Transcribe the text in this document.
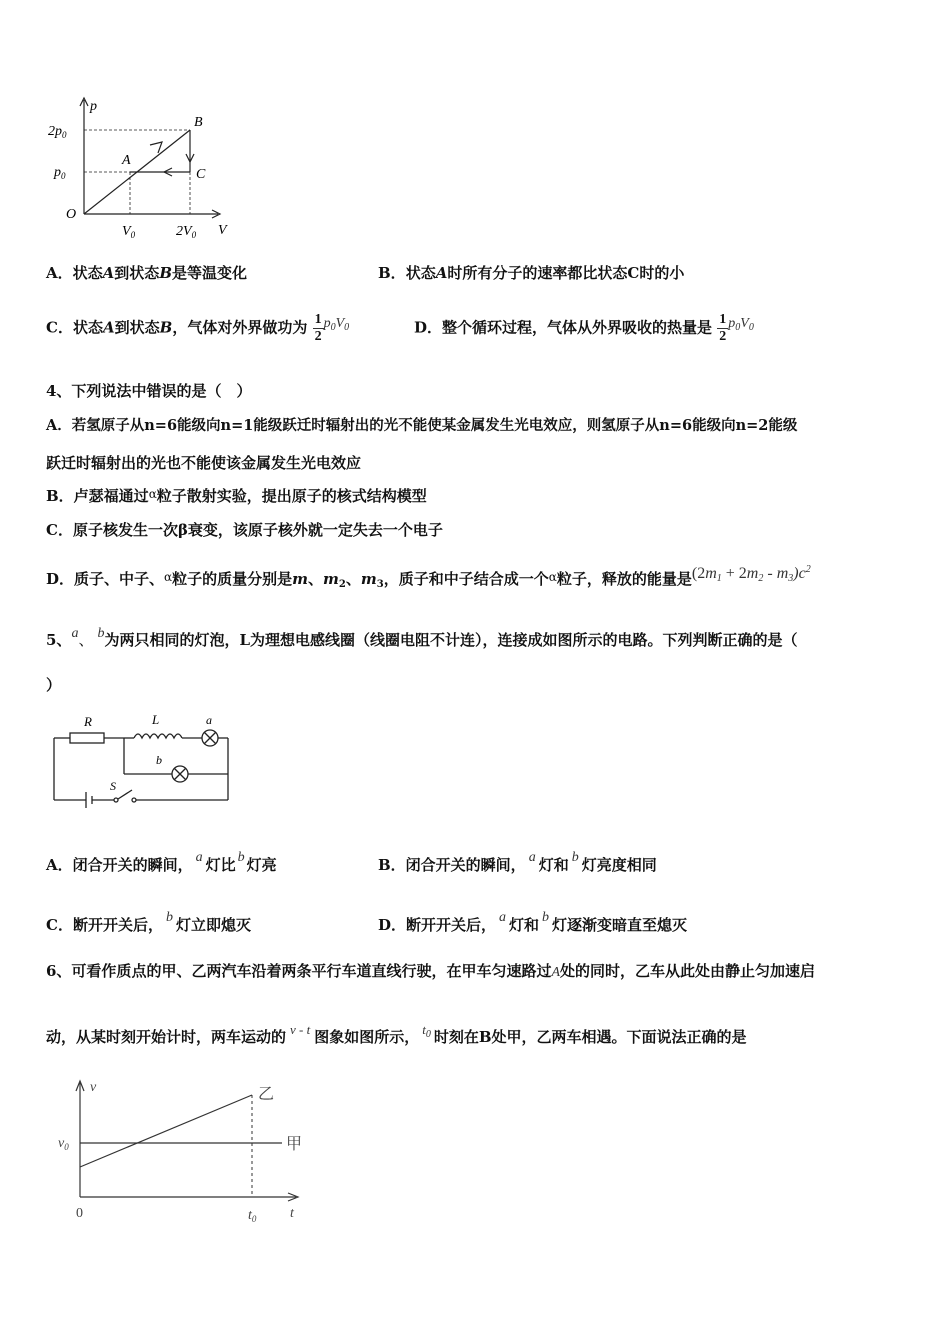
p
V
O
$2p_0$
$p_0$
$V_0$	$2V_0$
A
B
C
A．状态A到状态B是等温变化	B．状态A时所有分子的速率都比状态C时的小
C．状态A到状态B，气体对外界做功为 $\frac{1}{2} p_0V_0$	D．整个循环过程，气体从外界吸收的热量是 $\frac{1}{2} p_0V_0$
4、下列说法中错误的是（　）
A．若氢原子从n=6能级向n=1能级跃迁时辐射出的光不能使某金属发生光电效应，则氢原子从n=6能级向n=2能级
跃迁时辐射出的光也不能使该金属发生光电效应
B．卢瑟福通过$^\alpha$粒子散射实验，提出原子的核式结构模型
C．原子核发生一次β衰变，该原子核外就一定失去一个电子
D．质子、中子、$^\alpha$粒子的质量分别是m、$m_2$、$m_3$，质子和中子结合成一个$^\alpha$粒子，释放的能量是$(2m_1 + 2m_2 - m_3)c^2$
5、a、 b为两只相同的灯泡，L为理想电感线圈（线圈电阻不计连），连接成如图所示的电路。下列判断正确的是（
）
R	L	a
b
S
A．闭合开关的瞬间， a 灯比 b 灯亮	B．闭合开关的瞬间， a 灯和 b 灯亮度相同
C．断开开关后， b 灯立即熄灭	D．断开开关后， a 灯和 b 灯逐渐变暗直至熄灭
6、可看作质点的甲、乙两汽车沿着两条平行车道直线行驶，在甲车匀速路过A处的同时，乙车从此处由静止匀加速启
动，从某时刻开始计时，两车运动的 v - t 图象如图所示， $t_0$ 时刻在B处甲，乙两车相遇。下面说法正确的是
v
t
0
$v_0$
$t_0$
乙
甲
